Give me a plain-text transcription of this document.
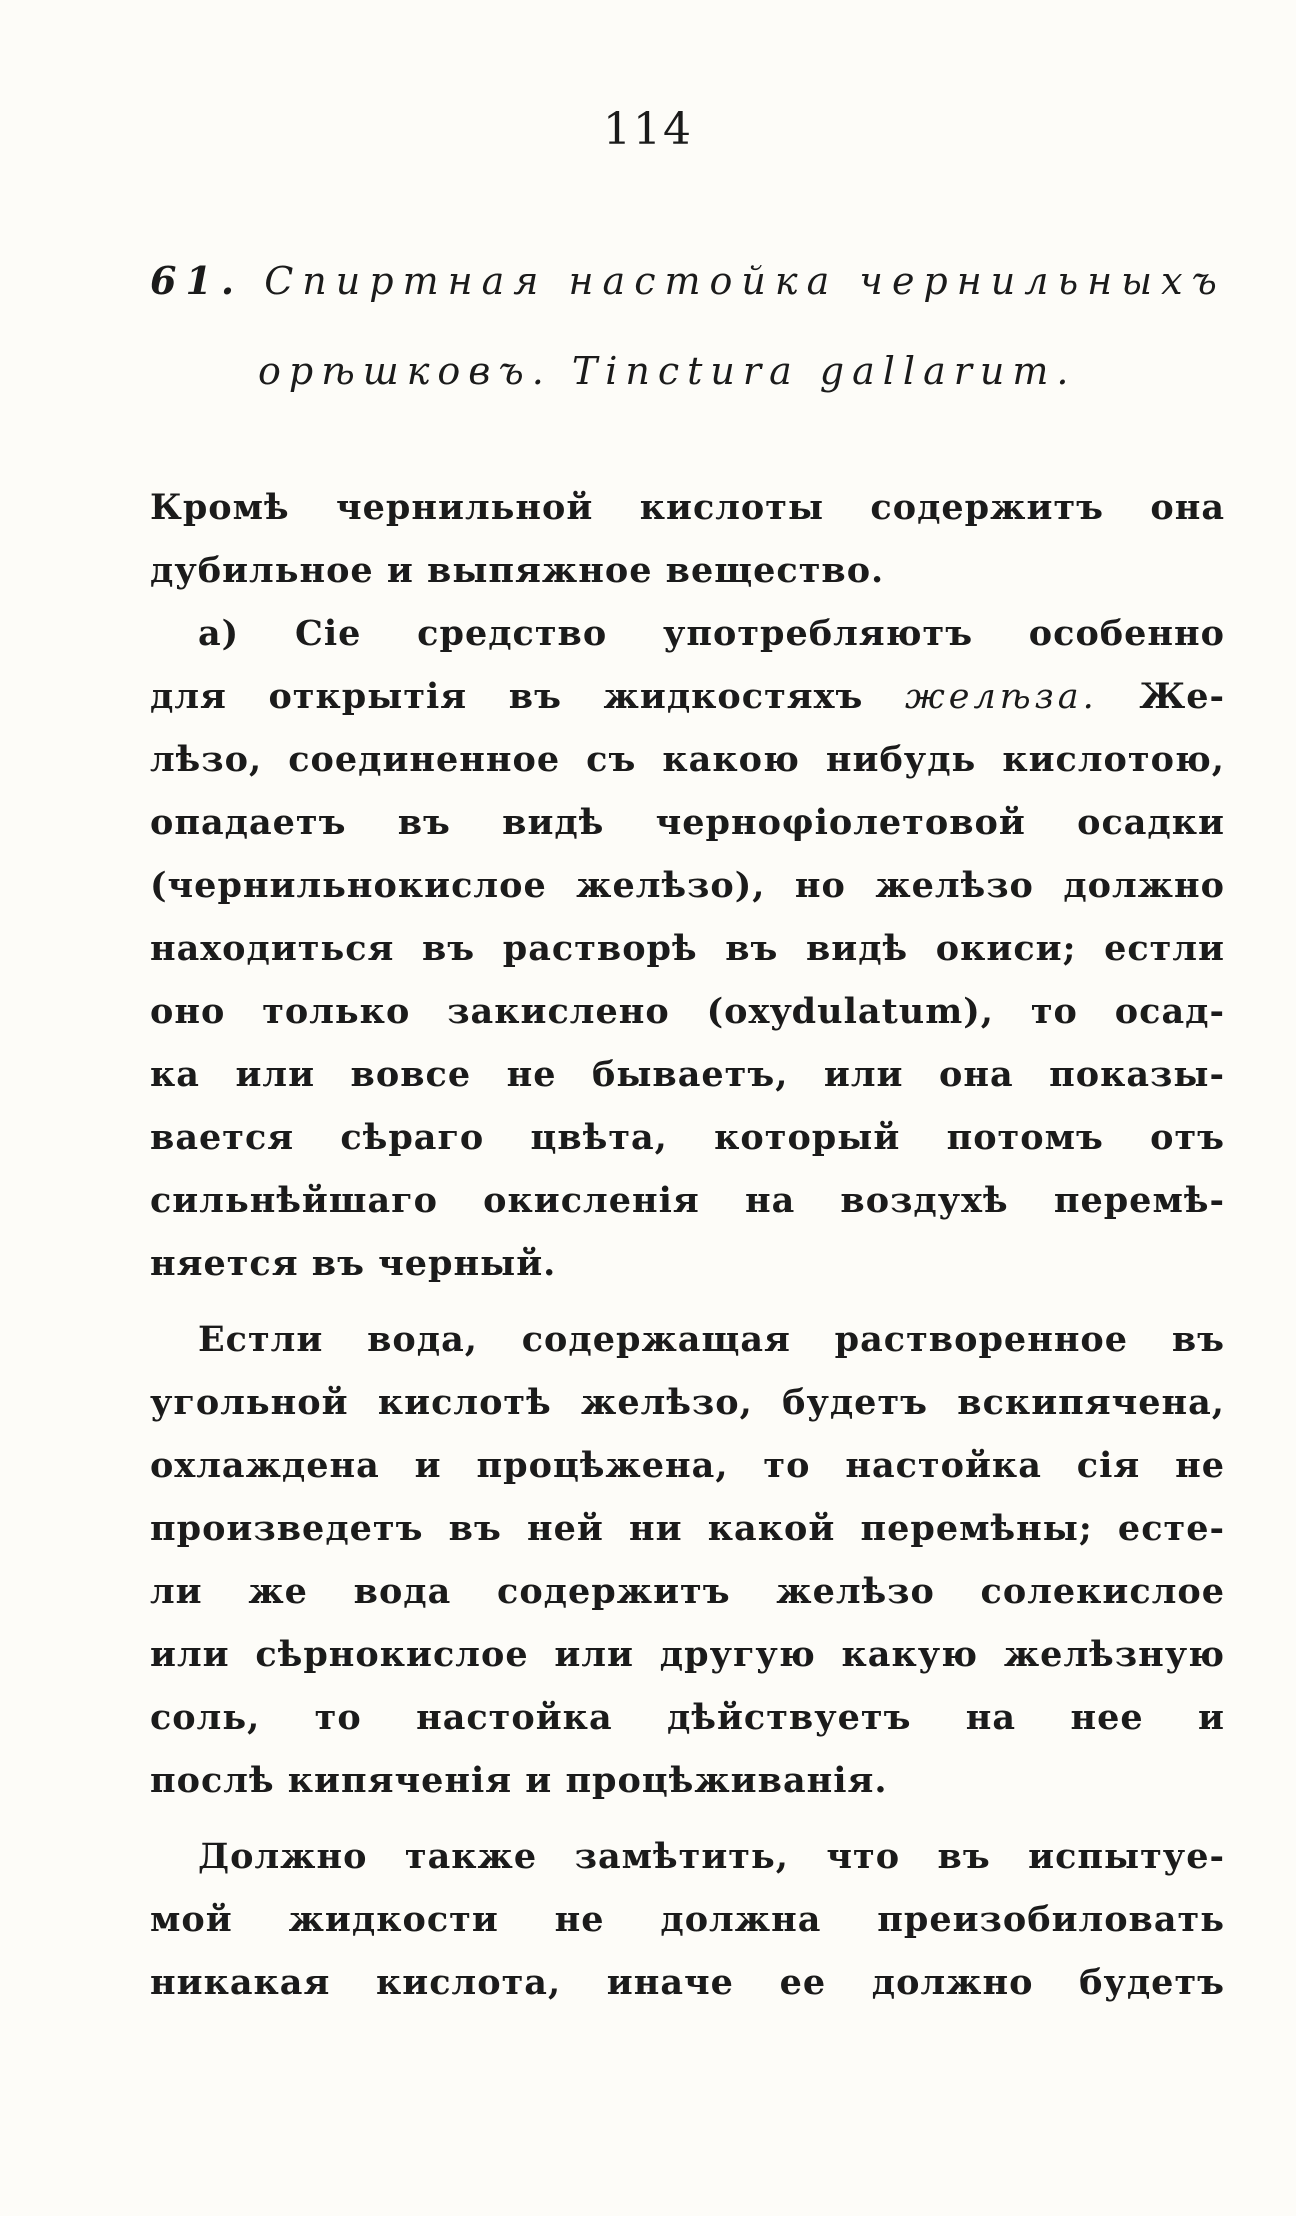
114
61. Спиртная настойка чернильныхъ
орѣшковъ. Tinctura gallarum.
Кромѣ чернильной кислоты содержитъ она
дубильное и выпяжное вещество.
a) Сіе средство употребляютъ особенно
для открытія въ жидкостяхъ желѣза. Же-
лѣзо, соединенное съ какою нибудь кислотою,
опадаетъ въ видѣ черноφіолетовой осадки
(чернильнокислое желѣзо), но желѣзо должно
находиться въ растворѣ въ видѣ окиси; естли
оно только закислено (oxydulatum), то осад-
ка или вовсе не бываетъ, или она показы-
вается сѣраго цвѣта, который потомъ отъ
сильнѣйшаго окисленія на воздухѣ перемѣ-
няется въ черный.
Естли вода, содержащая растворенное въ
угольной кислотѣ желѣзо, будетъ вскипячена,
охлаждена и процѣжена, то настойка сія не
произведетъ въ ней ни какой перемѣны; есте-
ли же вода содержитъ желѣзо солекислое
или сѣрнокислое или другую какую желѣзную
соль, то настойка дѣйствуетъ на нее и
послѣ кипяченія и процѣживанія.
Должно также замѣтить, что въ испытуе-
мой жидкости не должна преизобиловать
никакая кислота, иначе ее должно будетъ
